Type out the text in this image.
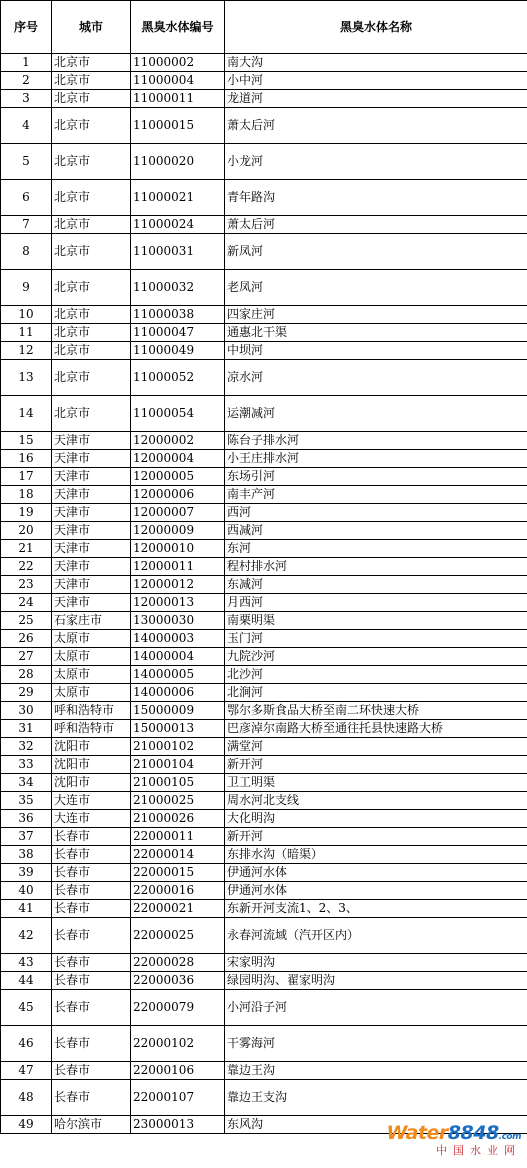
序号	城市	黑臭水体编号	黑臭水体名称
1	北京市	11000002	南大沟
2	北京市	11000004	小中河
3	北京市	11000011	龙道河
4	北京市	11000015	萧太后河
5	北京市	11000020	小龙河
6	北京市	11000021	青年路沟
7	北京市	11000024	萧太后河
8	北京市	11000031	新凤河
9	北京市	11000032	老凤河
10	北京市	11000038	四家庄河
11	北京市	11000047	通惠北干渠
12	北京市	11000049	中坝河
13	北京市	11000052	凉水河
14	北京市	11000054	运潮减河
15	天津市	12000002	陈台子排水河
16	天津市	12000004	小王庄排水河
17	天津市	12000005	东场引河
18	天津市	12000006	南丰产河
19	天津市	12000007	西河
20	天津市	12000009	西减河
21	天津市	12000010	东河
22	天津市	12000011	程村排水河
23	天津市	12000012	东减河
24	天津市	12000013	月西河
25	石家庄市	13000030	南栗明渠
26	太原市	14000003	玉门河
27	太原市	14000004	九院沙河
28	太原市	14000005	北沙河
29	太原市	14000006	北涧河
30	呼和浩特市	15000009	鄂尔多斯食品大桥至南二环快速大桥
31	呼和浩特市	15000013	巴彦淖尔南路大桥至通往托县快速路大桥
32	沈阳市	21000102	满堂河
33	沈阳市	21000104	新开河
34	沈阳市	21000105	卫工明渠
35	大连市	21000025	周水河北支线
36	大连市	21000026	大化明沟
37	长春市	22000011	新开河
38	长春市	22000014	东排水沟（暗渠）
39	长春市	22000015	伊通河水体
40	长春市	22000016	伊通河水体
41	长春市	22000021	东新开河支流1、2、3、
42	长春市	22000025	永春河流域（汽开区内）
43	长春市	22000028	宋家明沟
44	长春市	22000036	绿园明沟、翟家明沟
45	长春市	22000079	小河沿子河
46	长春市	22000102	干雾海河
47	长春市	22000106	靠边王沟
48	长春市	22000107	靠边王支沟
49	哈尔滨市	23000013	东风沟	Water8848.com
中国水业网
